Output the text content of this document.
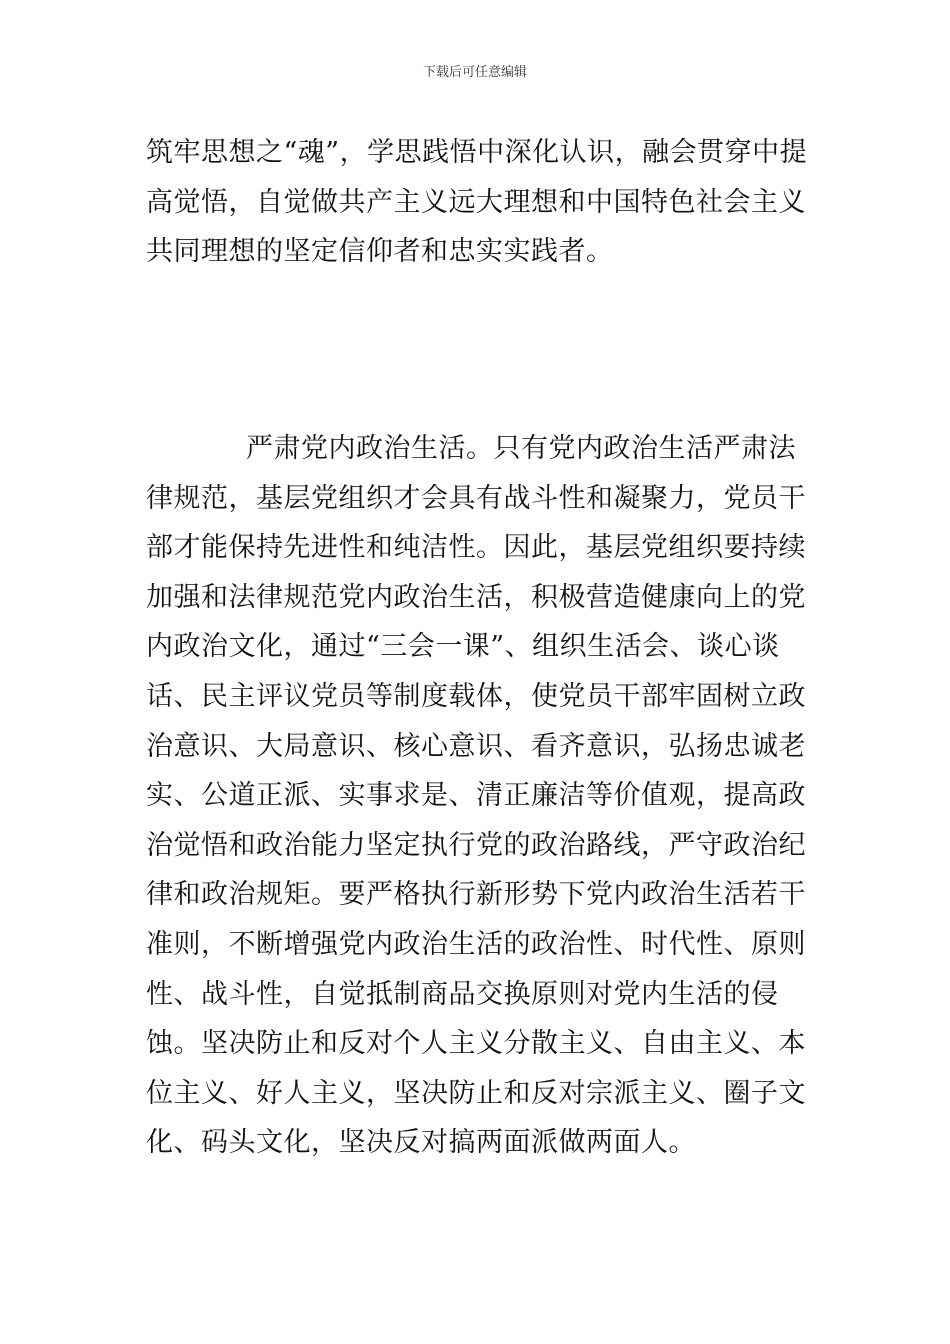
下载后可任意编辑

筑牢思想之“魂”，学思践悟中深化认识，融会贯穿中提高觉悟，自觉做共产主义远大理想和中国特色社会主义共同理想的坚定信仰者和忠实实践者。

严肃党内政治生活。只有党内政治生活严肃法律规范，基层党组织才会具有战斗性和凝聚力，党员干部才能保持先进性和纯洁性。因此，基层党组织要持续加强和法律规范党内政治生活，积极营造健康向上的党内政治文化，通过“三会一课”、组织生活会、谈心谈话、民主评议党员等制度载体，使党员干部牢固树立政治意识、大局意识、核心意识、看齐意识，弘扬忠诚老实、公道正派、实事求是、清正廉洁等价值观，提高政治觉悟和政治能力坚定执行党的政治路线，严守政治纪律和政治规矩。要严格执行新形势下党内政治生活若干准则，不断增强党内政治生活的政治性、时代性、原则性、战斗性，自觉抵制商品交换原则对党内生活的侵蚀。坚决防止和反对个人主义分散主义、自由主义、本位主义、好人主义，坚决防止和反对宗派主义、圈子文化、码头文化，坚决反对搞两面派做两面人。
